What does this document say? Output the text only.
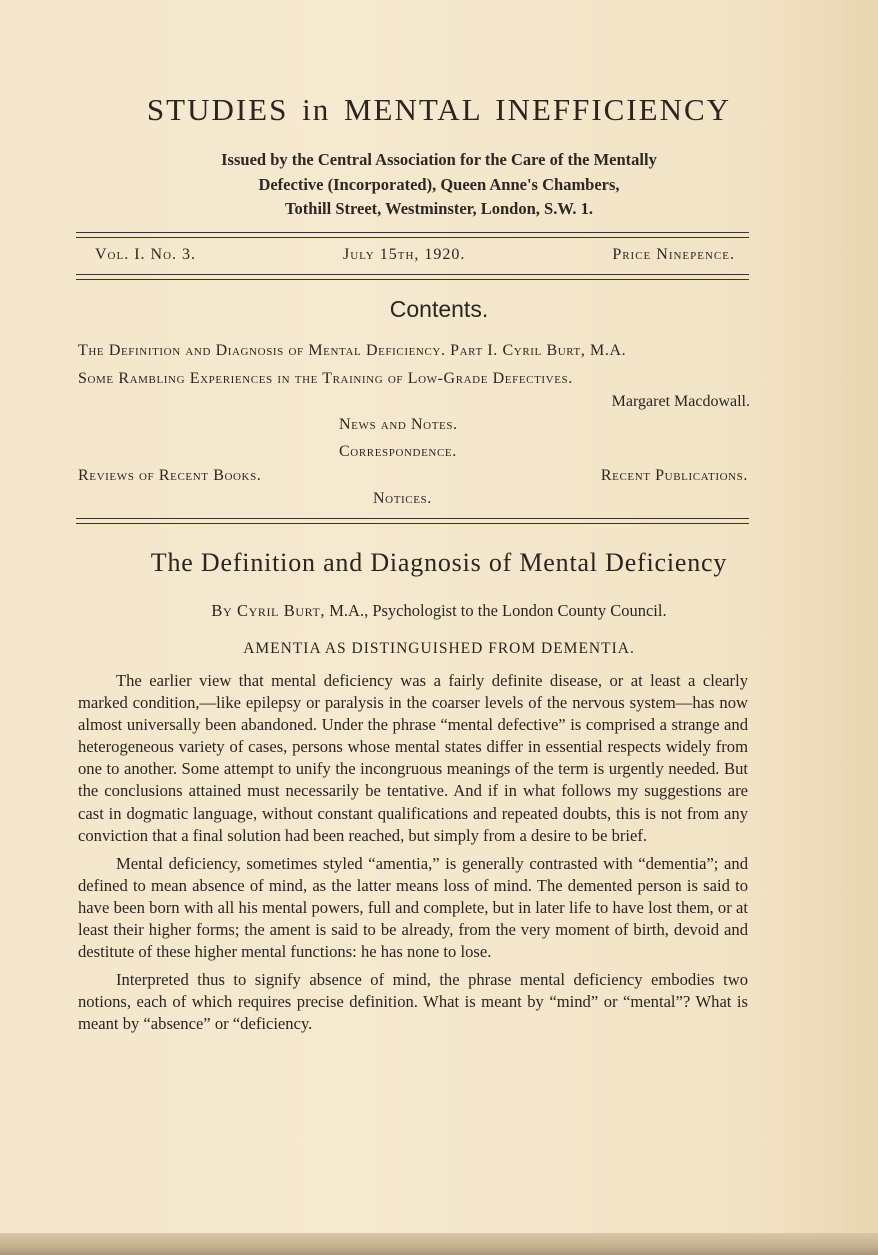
STUDIES in MENTAL INEFFICIENCY
Issued by the Central Association for the Care of the Mentally
Defective (Incorporated), Queen Anne's Chambers,
Tothill Street, Westminster, London, S.W. 1.
Vol. I. No. 3.	July 15th, 1920.	Price Ninepence.
Contents.
The Definition and Diagnosis of Mental Deficiency. Part I. Cyril Burt, M.A.
Some Rambling Experiences in the Training of Low-Grade Defectives.
Margaret Macdowall.
News and Notes.
Correspondence.
Reviews of Recent Books.	Recent Publications.
Notices.
The Definition and Diagnosis of Mental Deficiency
By Cyril Burt, M.A., Psychologist to the London County Council.
AMENTIA AS DISTINGUISHED FROM DEMENTIA.

The earlier view that mental deficiency was a fairly definite disease, or at least a clearly marked condition,—like epilepsy or paralysis in the coarser levels of the nervous system—has now almost universally been abandoned. Under the phrase “mental defective” is comprised a strange and heterogeneous variety of cases, persons whose mental states differ in essential respects widely from one to another. Some attempt to unify the incongruous meanings of the term is urgently needed. But the conclusions attained must necessarily be tentative. And if in what follows my suggestions are cast in dogmatic language, without constant qualifications and repeated doubts, this is not from any conviction that a final solution had been reached, but simply from a desire to be brief.

Mental deficiency, sometimes styled “amentia,” is generally contrasted with “dementia”; and defined to mean absence of mind, as the latter means loss of mind. The demented person is said to have been born with all his mental powers, full and complete, but in later life to have lost them, or at least their higher forms; the ament is said to be already, from the very moment of birth, devoid and destitute of these higher mental functions: he has none to lose.

Interpreted thus to signify absence of mind, the phrase mental deficiency embodies two notions, each of which requires precise definition. What is meant by “mind” or “mental”? What is meant by “absence” or “deficiency.
